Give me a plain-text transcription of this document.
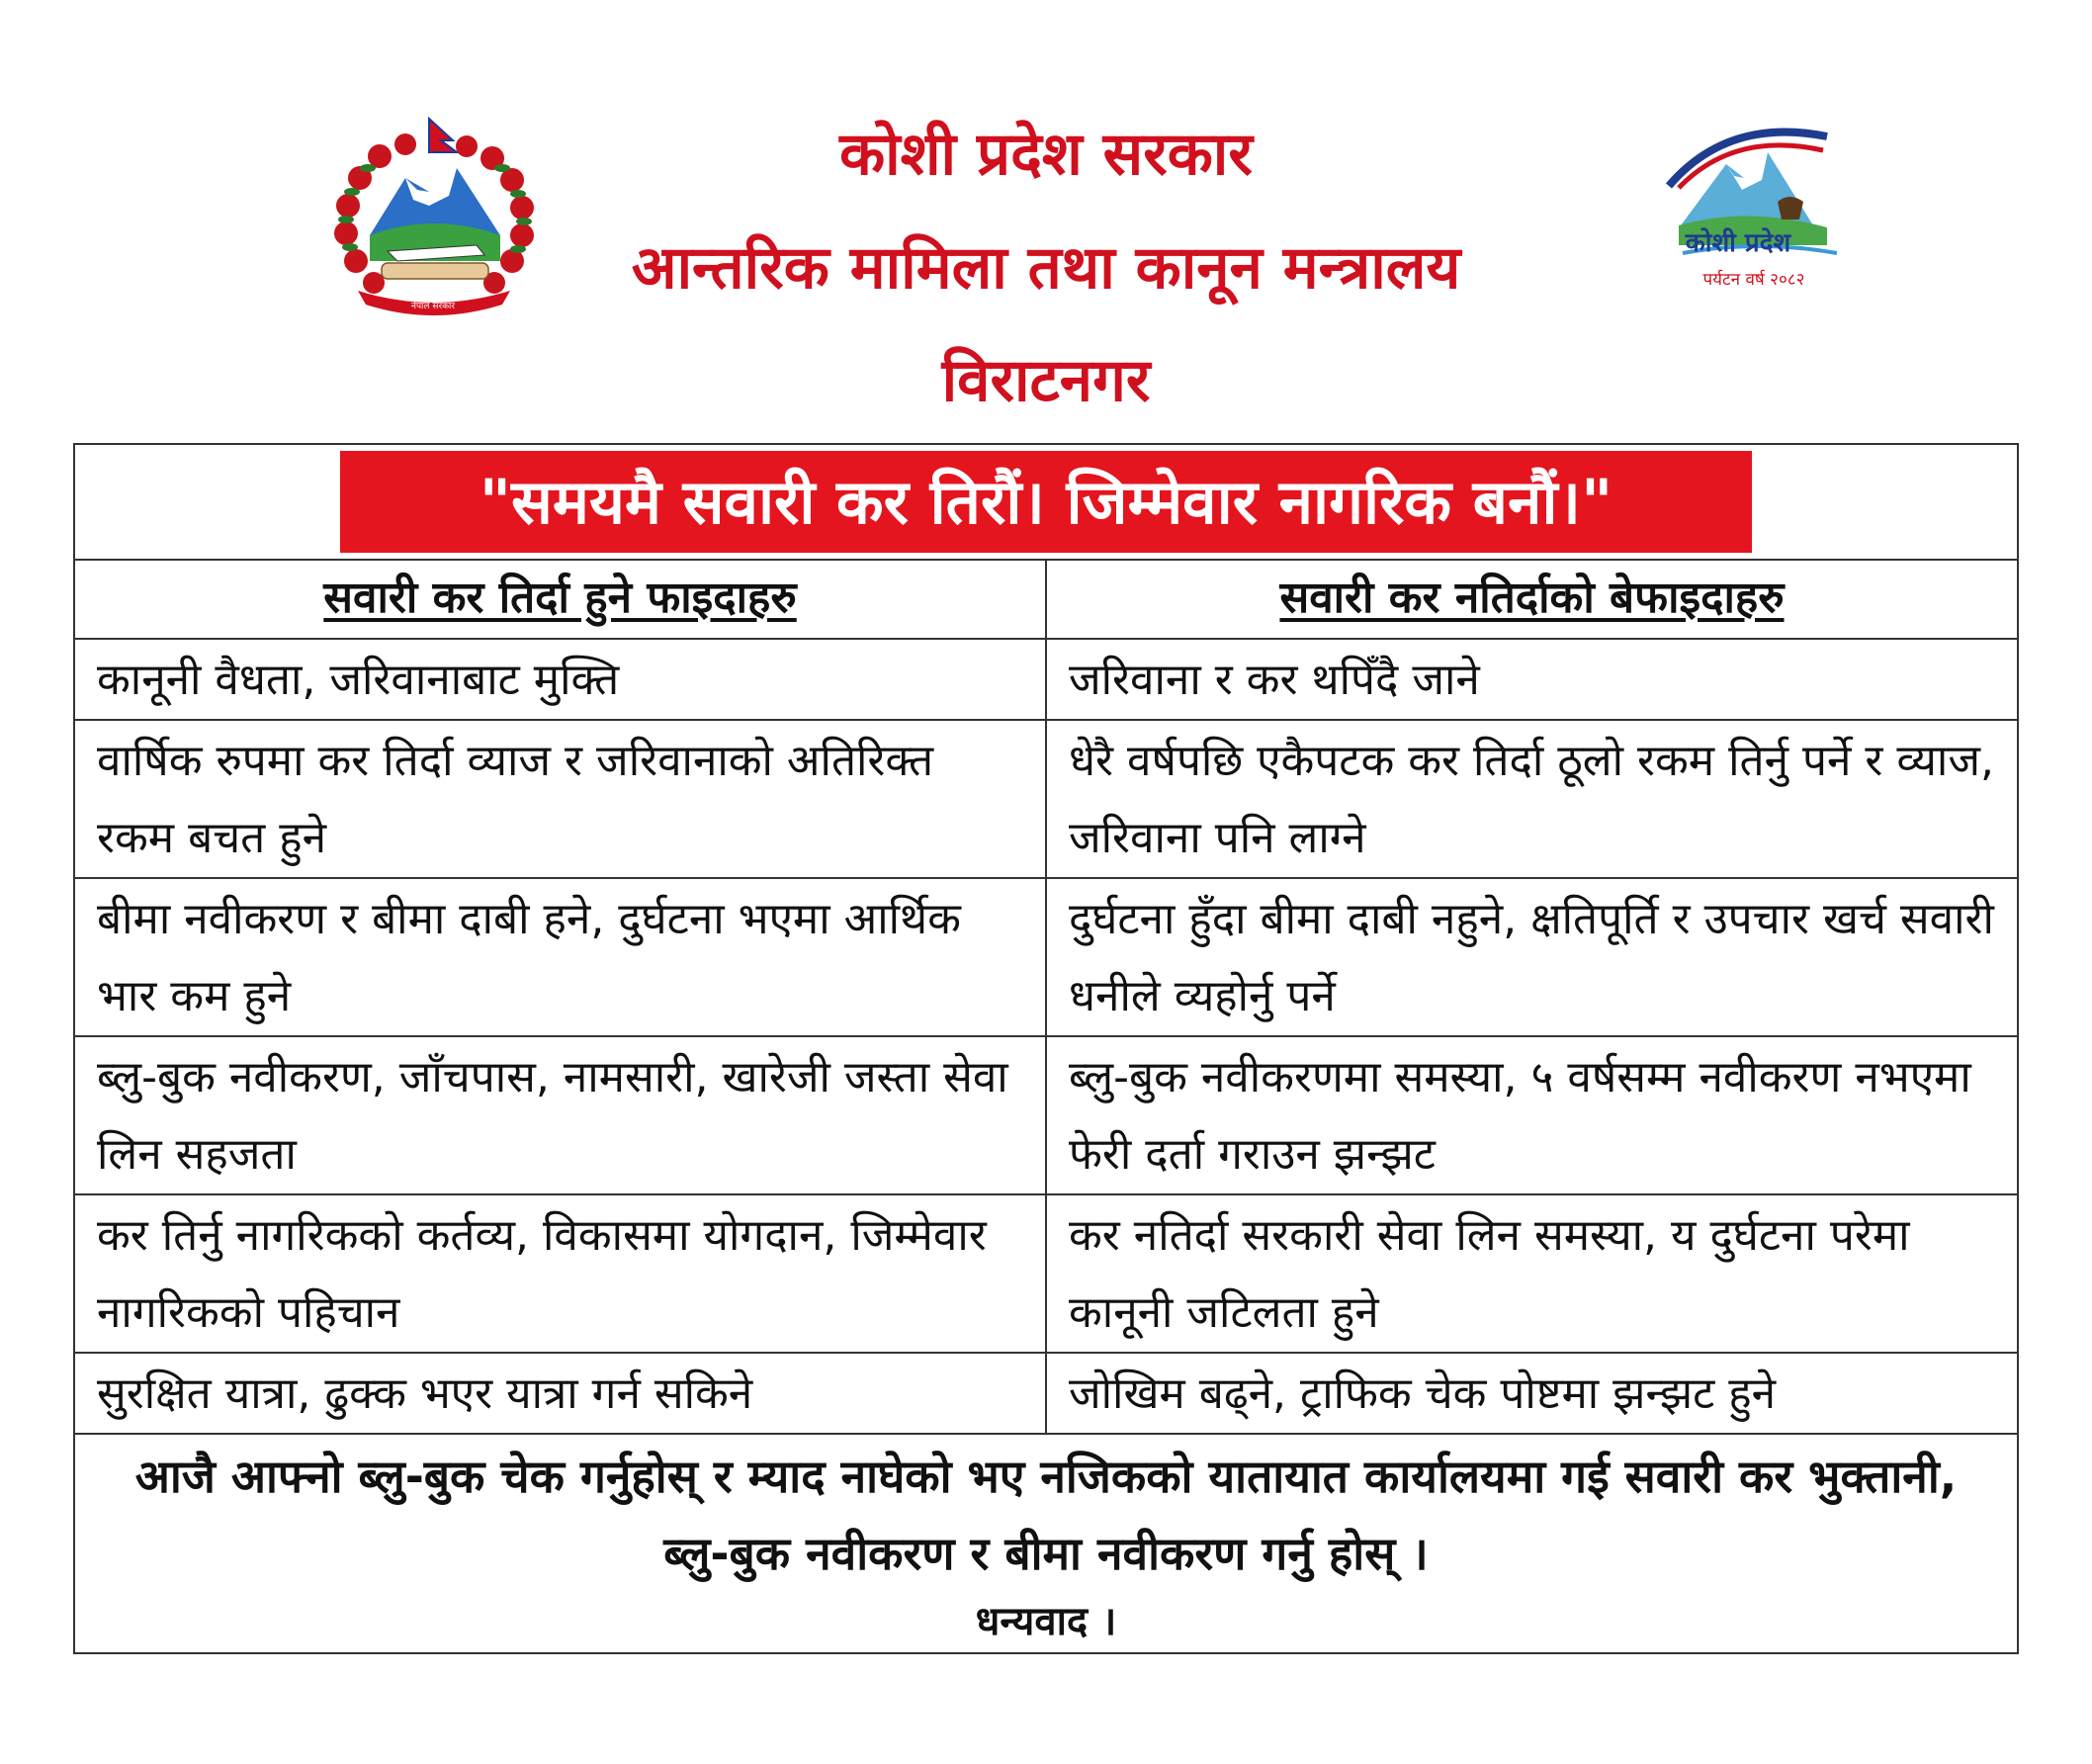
नेपाल सरकार

कोशी प्रदेश सरकार

आन्तरिक मामिला तथा कानून मन्त्रालय

विराटनगर

कोशी प्रदेश
पर्यटन वर्ष २०८२
"समयमै सवारी कर तिरौं। जिम्मेवार नागरिक बनौं।"
सवारी कर तिर्दा हुने फाइदाहरु	सवारी कर नतिर्दाको बेफाइदाहरु
कानूनी वैधता, जरिवानाबाट मुक्ति	जरिवाना र कर थपिँदै जाने
वार्षिक रुपमा कर तिर्दा व्याज र जरिवानाको अतिरिक्त रकम बचत हुने	धेरै वर्षपछि एकैपटक कर तिर्दा ठूलो रकम तिर्नु पर्ने र व्याज, जरिवाना पनि लाग्ने
बीमा नवीकरण र बीमा दाबी हने, दुर्घटना भएमा आर्थिक भार कम हुने	दुर्घटना हुँदा बीमा दाबी नहुने, क्षतिपूर्ति र उपचार खर्च सवारी धनीले व्यहोर्नु पर्ने
ब्लु-बुक नवीकरण, जाँचपास, नामसारी, खारेजी जस्ता सेवा लिन सहजता	ब्लु-बुक नवीकरणमा समस्या, ५ वर्षसम्म नवीकरण नभएमा फेरी दर्ता गराउन झन्झट
कर तिर्नु नागरिकको कर्तव्य, विकासमा योगदान, जिम्मेवार नागरिकको पहिचान	कर नतिर्दा सरकारी सेवा लिन समस्या, य दुर्घटना परेमा कानूनी जटिलता हुने
सुरक्षित यात्रा, ढुक्क भएर यात्रा गर्न सकिने	जोखिम बढ्ने, ट्राफिक चेक पोष्टमा झन्झट हुने
आजै आफ्नो ब्लु-बुक चेक गर्नुहोस् र म्याद नाघेको भए नजिकको यातायात कार्यालयमा गई सवारी कर भुक्तानी, ब्लु-बुक नवीकरण र बीमा नवीकरण गर्नु होस् ।
धन्यवाद ।
